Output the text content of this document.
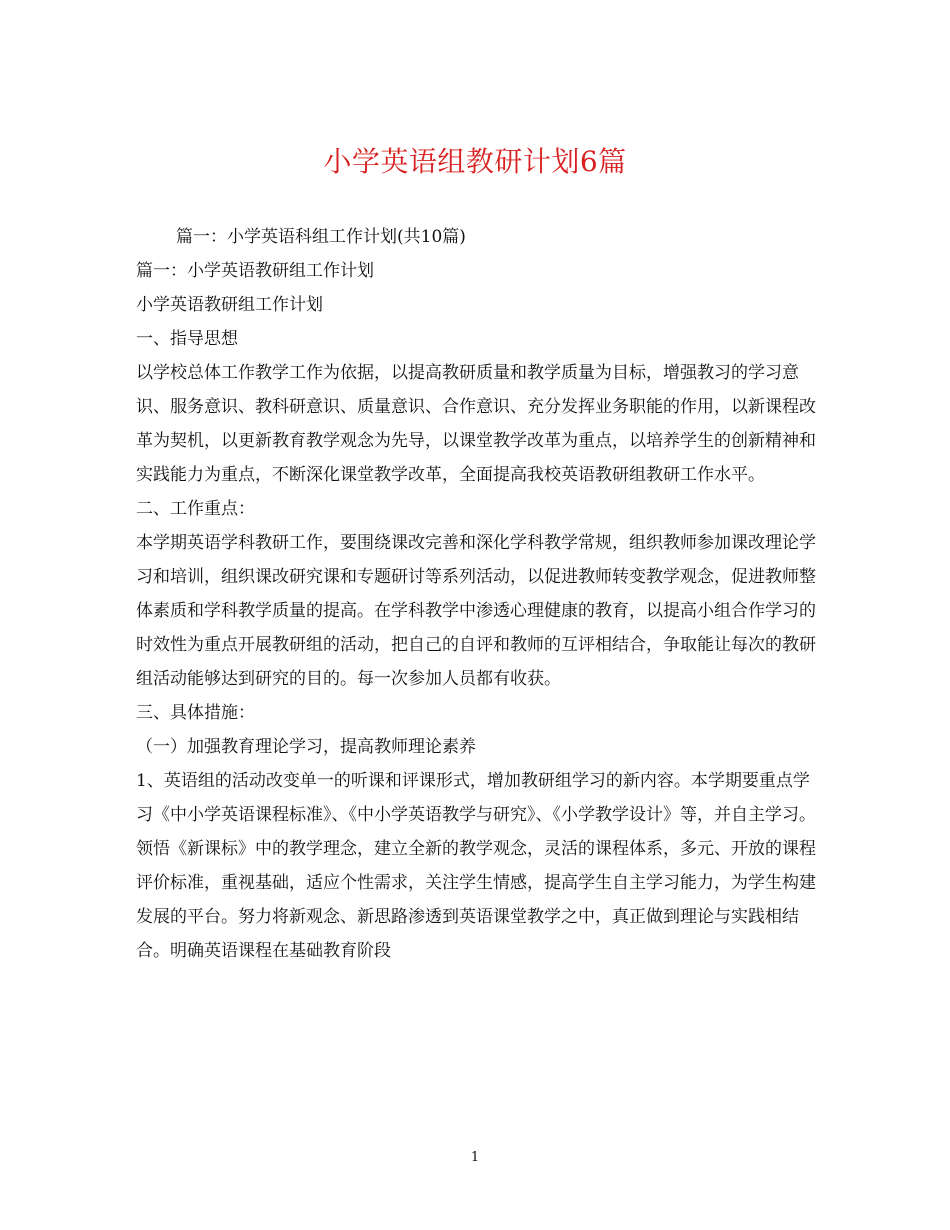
小学英语组教研计划6篇

篇一：小学英语科组工作计划(共10篇)

篇一：小学英语教研组工作计划

小学英语教研组工作计划

一、指导思想

以学校总体工作教学工作为依据，以提高教研质量和教学质量为目标，增强教习的学习意识、服务意识、教科研意识、质量意识、合作意识、充分发挥业务职能的作用，以新课程改革为契机，以更新教育教学观念为先导，以课堂教学改革为重点，以培养学生的创新精神和实践能力为重点，不断深化课堂教学改革，全面提高我校英语教研组教研工作水平。

二、工作重点：

本学期英语学科教研工作，要围绕课改完善和深化学科教学常规，组织教师参加课改理论学习和培训，组织课改研究课和专题研讨等系列活动，以促进教师转变教学观念，促进教师整体素质和学科教学质量的提高。在学科教学中渗透心理健康的教育，以提高小组合作学习的时效性为重点开展教研组的活动，把自己的自评和教师的互评相结合，争取能让每次的教研组活动能够达到研究的目的。每一次参加人员都有收获。

三、具体措施：

（一）加强教育理论学习，提高教师理论素养

1、英语组的活动改变单一的听课和评课形式，增加教研组学习的新内容。本学期要重点学习《中小学英语课程标准》、《中小学英语教学与研究》、《小学教学设计》等，并自主学习。领悟《新课标》中的教学理念，建立全新的教学观念，灵活的课程体系，多元、开放的课程评价标准，重视基础，适应个性需求，关注学生情感，提高学生自主学习能力，为学生构建发展的平台。努力将新观念、新思路渗透到英语课堂教学之中，真正做到理论与实践相结合。明确英语课程在基础教育阶段

1
